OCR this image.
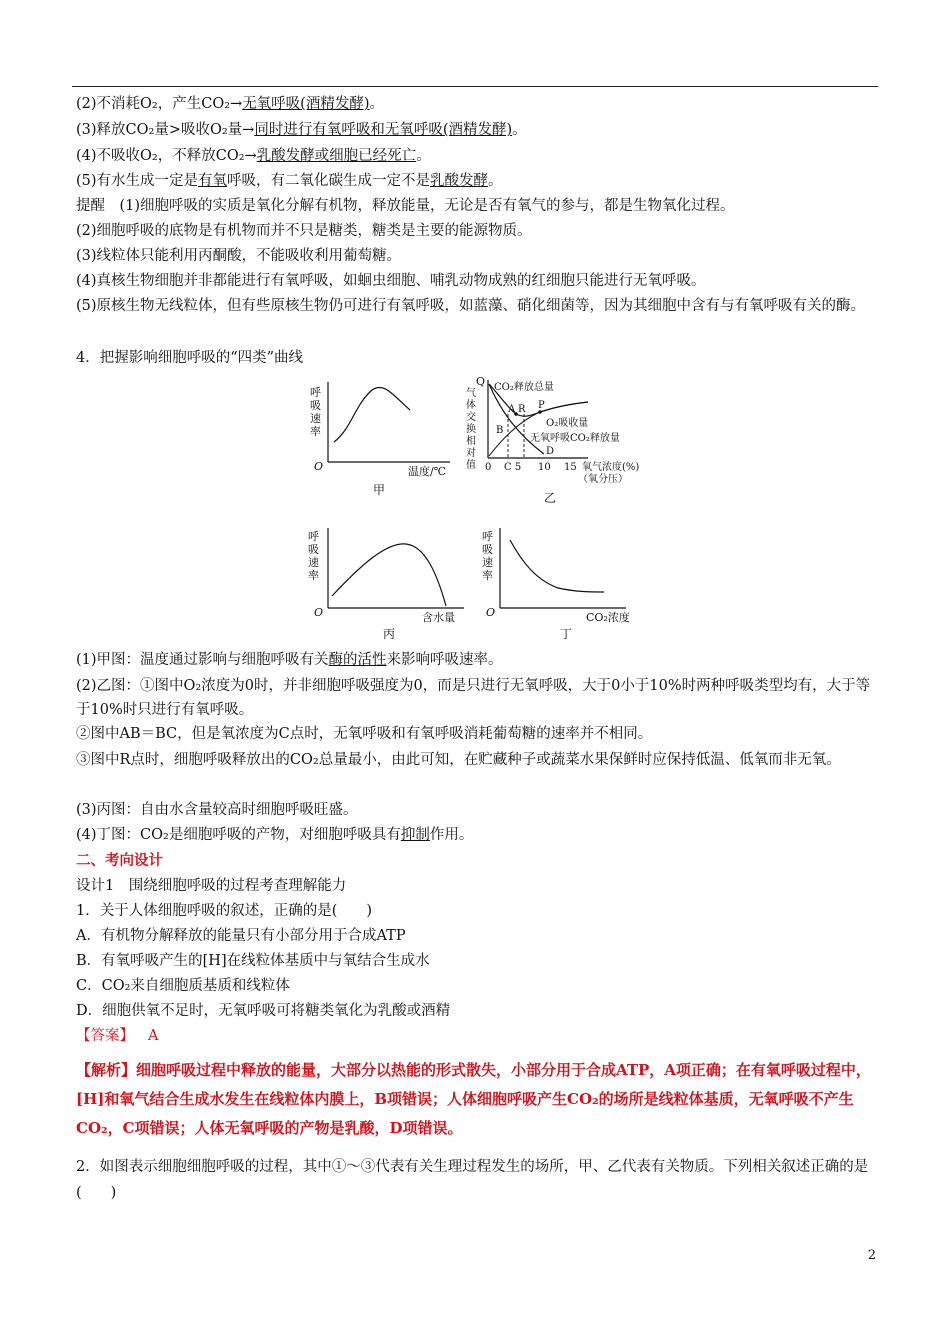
(2)不消耗O₂，产生CO₂→无氧呼吸(酒精发酵)。
(3)释放CO₂量>吸收O₂量→同时进行有氧呼吸和无氧呼吸(酒精发酵)。
(4)不吸收O₂，不释放CO₂→乳酸发酵或细胞已经死亡。
(5)有水生成一定是有氧呼吸，有二氧化碳生成一定不是乳酸发酵。
提醒　(1)细胞呼吸的实质是氧化分解有机物，释放能量，无论是否有氧气的参与，都是生物氧化过程。
(2)细胞呼吸的底物是有机物而并不只是糖类，糖类是主要的能源物质。
(3)线粒体只能利用丙酮酸，不能吸收利用葡萄糖。
(4)真核生物细胞并非都能进行有氧呼吸，如蛔虫细胞、哺乳动物成熟的红细胞只能进行无氧呼吸。
(5)原核生物无线粒体，但有些原核生物仍可进行有氧呼吸，如蓝藻、硝化细菌等，因为其细胞中含有与有氧呼吸有关的酶。
4．把握影响细胞呼吸的“四类”曲线
呼
吸
速
率
O	温度/℃
甲
Q
气
体
交
换
相
对
值
CO₂释放总量
A R P
B
D
O₂吸收量
无氧呼吸CO₂释放量
0 C 5 10 15 氧气浓度(%)
（氧分压）
乙
呼
吸
速
率
O	含水量
丙
呼
吸
速
率
O	CO₂浓度
丁
(1)甲图：温度通过影响与细胞呼吸有关酶的活性来影响呼吸速率。
(2)乙图：①图中O₂浓度为0时，并非细胞呼吸强度为0，而是只进行无氧呼吸，大于0小于10%时两种呼吸类型均有，大于等于10%时只进行有氧呼吸。
②图中AB＝BC，但是氧浓度为C点时，无氧呼吸和有氧呼吸消耗葡萄糖的速率并不相同。
③图中R点时，细胞呼吸释放出的CO₂总量最小，由此可知，在贮藏种子或蔬菜水果保鲜时应保持低温、低氧而非无氧。
(3)丙图：自由水含量较高时细胞呼吸旺盛。
(4)丁图：CO₂是细胞呼吸的产物，对细胞呼吸具有抑制作用。
二、考向设计
设计1　围绕细胞呼吸的过程考查理解能力
1．关于人体细胞呼吸的叙述，正确的是(　　)
A．有机物分解释放的能量只有小部分用于合成ATP
B．有氧呼吸产生的[H]在线粒体基质中与氧结合生成水
C．CO₂来自细胞质基质和线粒体
D．细胞供氧不足时，无氧呼吸可将糖类氧化为乳酸或酒精
【答案】 A
【解析】细胞呼吸过程中释放的能量，大部分以热能的形式散失，小部分用于合成ATP，A项正确；在有氧呼吸过程中，[H]和氧气结合生成水发生在线粒体内膜上，B项错误；人体细胞呼吸产生CO₂的场所是线粒体基质，无氧呼吸不产生CO₂，C项错误；人体无氧呼吸的产物是乳酸，D项错误。
2．如图表示细胞细胞呼吸的过程，其中①～③代表有关生理过程发生的场所，甲、乙代表有关物质。下列相关叙述正确的是(　　)
2
